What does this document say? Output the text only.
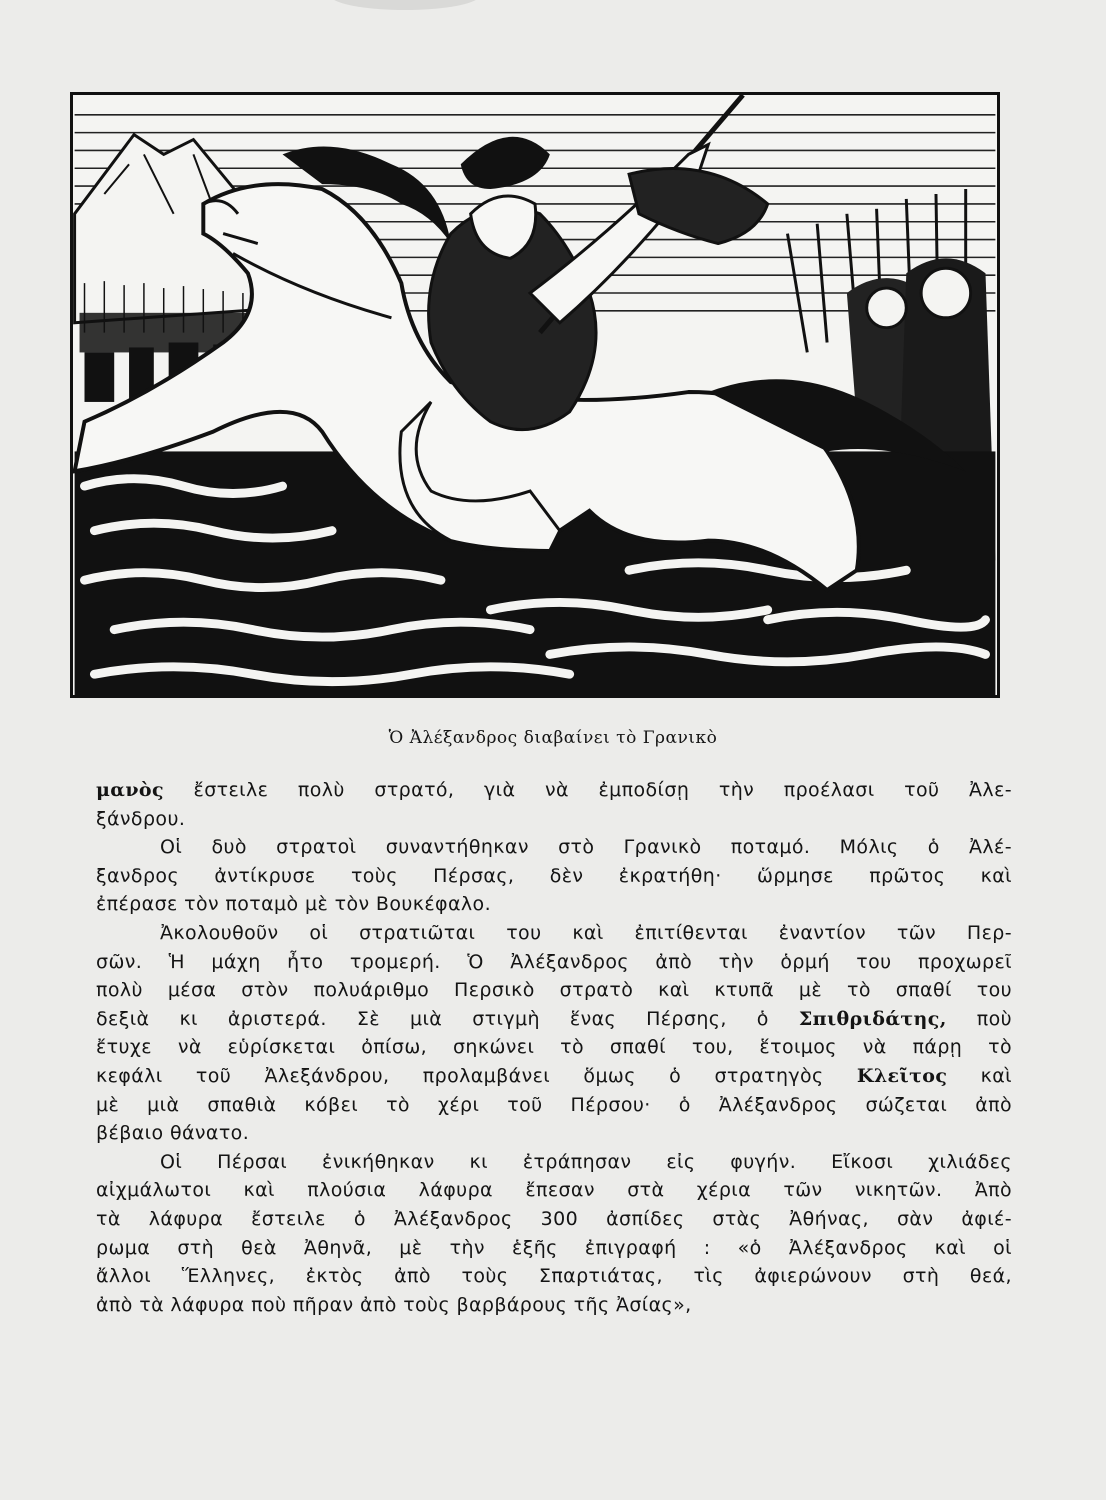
Ὁ Ἀλέξανδρος διαβαίνει τὸ Γρανικὸ
μανὸς ἔστειλε πολὺ στρατό, γιὰ νὰ ἐμποδίσῃ τὴν προέλασι τοῦ Ἀλε-
ξάνδρου.
Οἱ δυὸ στρατοὶ συναντήθηκαν στὸ Γρανικὸ ποταμό. Μόλις ὁ Ἀλέ-
ξανδρος ἀντίκρυσε τοὺς Πέρσας, δὲν ἐκρατήθη· ὥρμησε πρῶτος καὶ
ἐπέρασε τὸν ποταμὸ μὲ τὸν Βουκέφαλο.
Ἀκολουθοῦν οἱ στρατιῶται του καὶ ἐπιτίθενται ἐναντίον τῶν Περ-
σῶν. Ἡ μάχη ἦτο τρομερή. Ὁ Ἀλέξανδρος ἀπὸ τὴν ὁρμή του προχωρεῖ
πολὺ μέσα στὸν πολυάριθμο Περσικὸ στρατὸ καὶ κτυπᾶ μὲ τὸ σπαθί του
δεξιὰ κι ἀριστερά. Σὲ μιὰ στιγμὴ ἕνας Πέρσης, ὁ Σπιθριδάτης, ποὺ
ἔτυχε νὰ εὑρίσκεται ὀπίσω, σηκώνει τὸ σπαθί του, ἕτοιμος νὰ πάρῃ τὸ
κεφάλι τοῦ Ἀλεξάνδρου, προλαμβάνει ὅμως ὁ στρατηγὸς Κλεῖτος καὶ
μὲ μιὰ σπαθιὰ κόβει τὸ χέρι τοῦ Πέρσου· ὁ Ἀλέξανδρος σώζεται ἀπὸ
βέβαιο θάνατο.
Οἱ Πέρσαι ἐνικήθηκαν κι ἐτράπησαν εἰς φυγήν. Εἴκοσι χιλιάδες
αἰχμάλωτοι καὶ πλούσια λάφυρα ἔπεσαν στὰ χέρια τῶν νικητῶν. Ἀπὸ
τὰ λάφυρα ἔστειλε ὁ Ἀλέξανδρος 300 ἀσπίδες στὰς Ἀθήνας, σὰν ἀφιέ-
ρωμα στὴ θεὰ Ἀθηνᾶ, μὲ τὴν ἑξῆς ἐπιγραφή : «ὁ Ἀλέξανδρος καὶ οἱ
ἄλλοι Ἕλληνες, ἐκτὸς ἀπὸ τοὺς Σπαρτιάτας, τὶς ἀφιερώνουν στὴ θεά,
ἀπὸ τὰ λάφυρα ποὺ πῆραν ἀπὸ τοὺς βαρβάρους τῆς Ἀσίας»,
